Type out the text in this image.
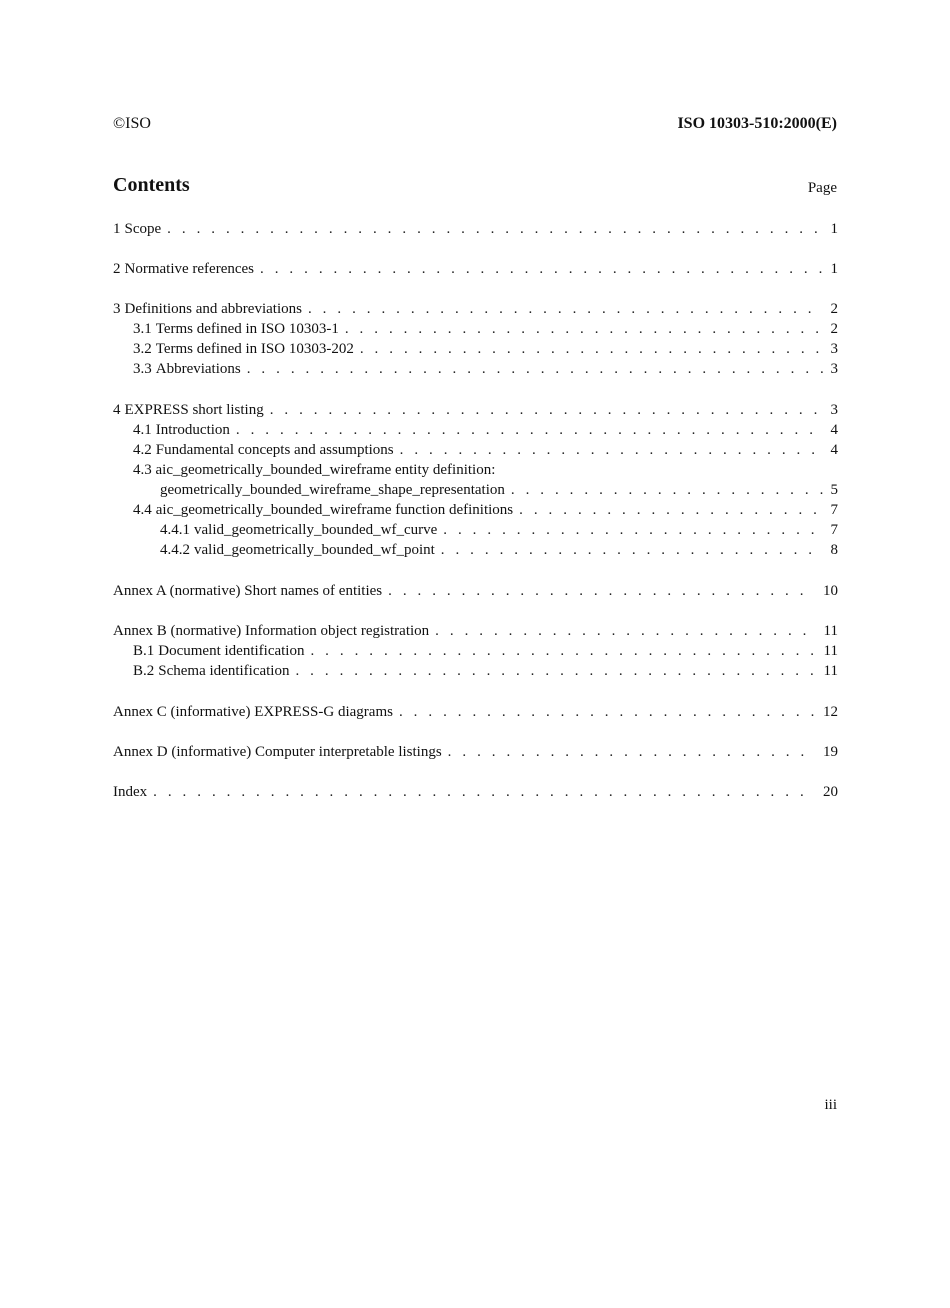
©ISO	ISO 10303-510:2000(E)
Contents	Page
1 Scope . . .	1
2 Normative references . . .	1
3 Definitions and abbreviations . . .	2
3.1 Terms defined in ISO 10303-1 . . .	2
3.2 Terms defined in ISO 10303-202 . . .	3
3.3 Abbreviations . . .	3
4 EXPRESS short listing . . .	3
4.1 Introduction . . .	4
4.2 Fundamental concepts and assumptions . . .	4
4.3 aic_geometrically_bounded_wireframe entity definition:
geometrically_bounded_wireframe_shape_representation . . .	5
4.4 aic_geometrically_bounded_wireframe function definitions . . .	7
4.4.1 valid_geometrically_bounded_wf_curve . . .	7
4.4.2 valid_geometrically_bounded_wf_point . . .	8
Annex A (normative) Short names of entities . . .	10
Annex B (normative) Information object registration . . .	11
B.1 Document identification . . .	11
B.2 Schema identification . . .	11
Annex C (informative) EXPRESS-G diagrams . . .	12
Annex D (informative) Computer interpretable listings . . .	19
Index . . .	20
iii
